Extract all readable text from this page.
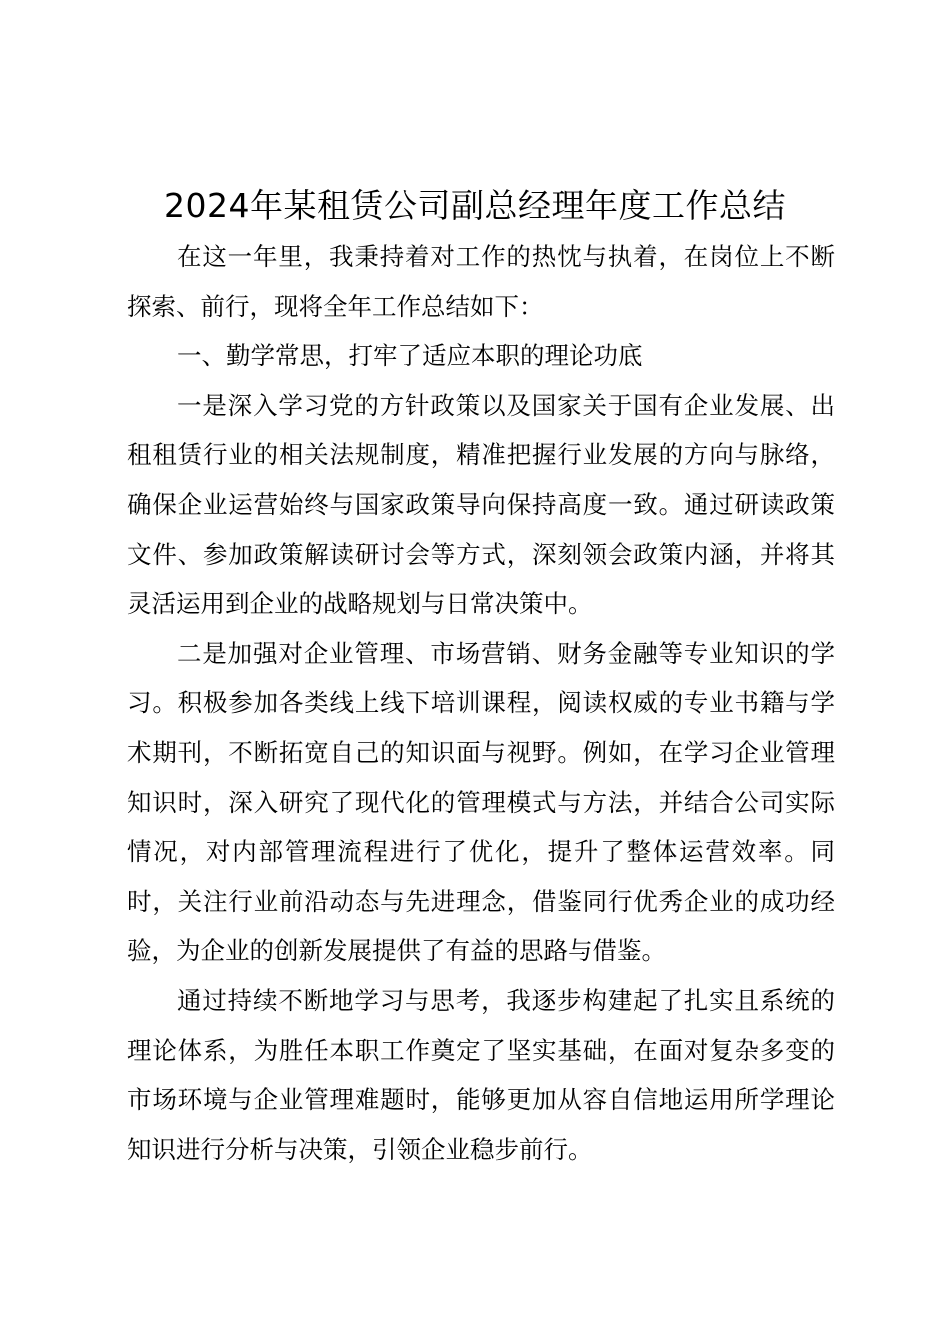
2024年某租赁公司副总经理年度工作总结

在这一年里，我秉持着对工作的热忱与执着，在岗位上不断探索、前行，现将全年工作总结如下：

一、勤学常思，打牢了适应本职的理论功底

一是深入学习党的方针政策以及国家关于国有企业发展、出租租赁行业的相关法规制度，精准把握行业发展的方向与脉络，确保企业运营始终与国家政策导向保持高度一致。通过研读政策文件、参加政策解读研讨会等方式，深刻领会政策内涵，并将其灵活运用到企业的战略规划与日常决策中。

二是加强对企业管理、市场营销、财务金融等专业知识的学习。积极参加各类线上线下培训课程，阅读权威的专业书籍与学术期刊，不断拓宽自己的知识面与视野。例如，在学习企业管理知识时，深入研究了现代化的管理模式与方法，并结合公司实际情况，对内部管理流程进行了优化，提升了整体运营效率。同时，关注行业前沿动态与先进理念，借鉴同行优秀企业的成功经验，为企业的创新发展提供了有益的思路与借鉴。

通过持续不断地学习与思考，我逐步构建起了扎实且系统的理论体系，为胜任本职工作奠定了坚实基础，在面对复杂多变的市场环境与企业管理难题时，能够更加从容自信地运用所学理论知识进行分析与决策，引领企业稳步前行。
